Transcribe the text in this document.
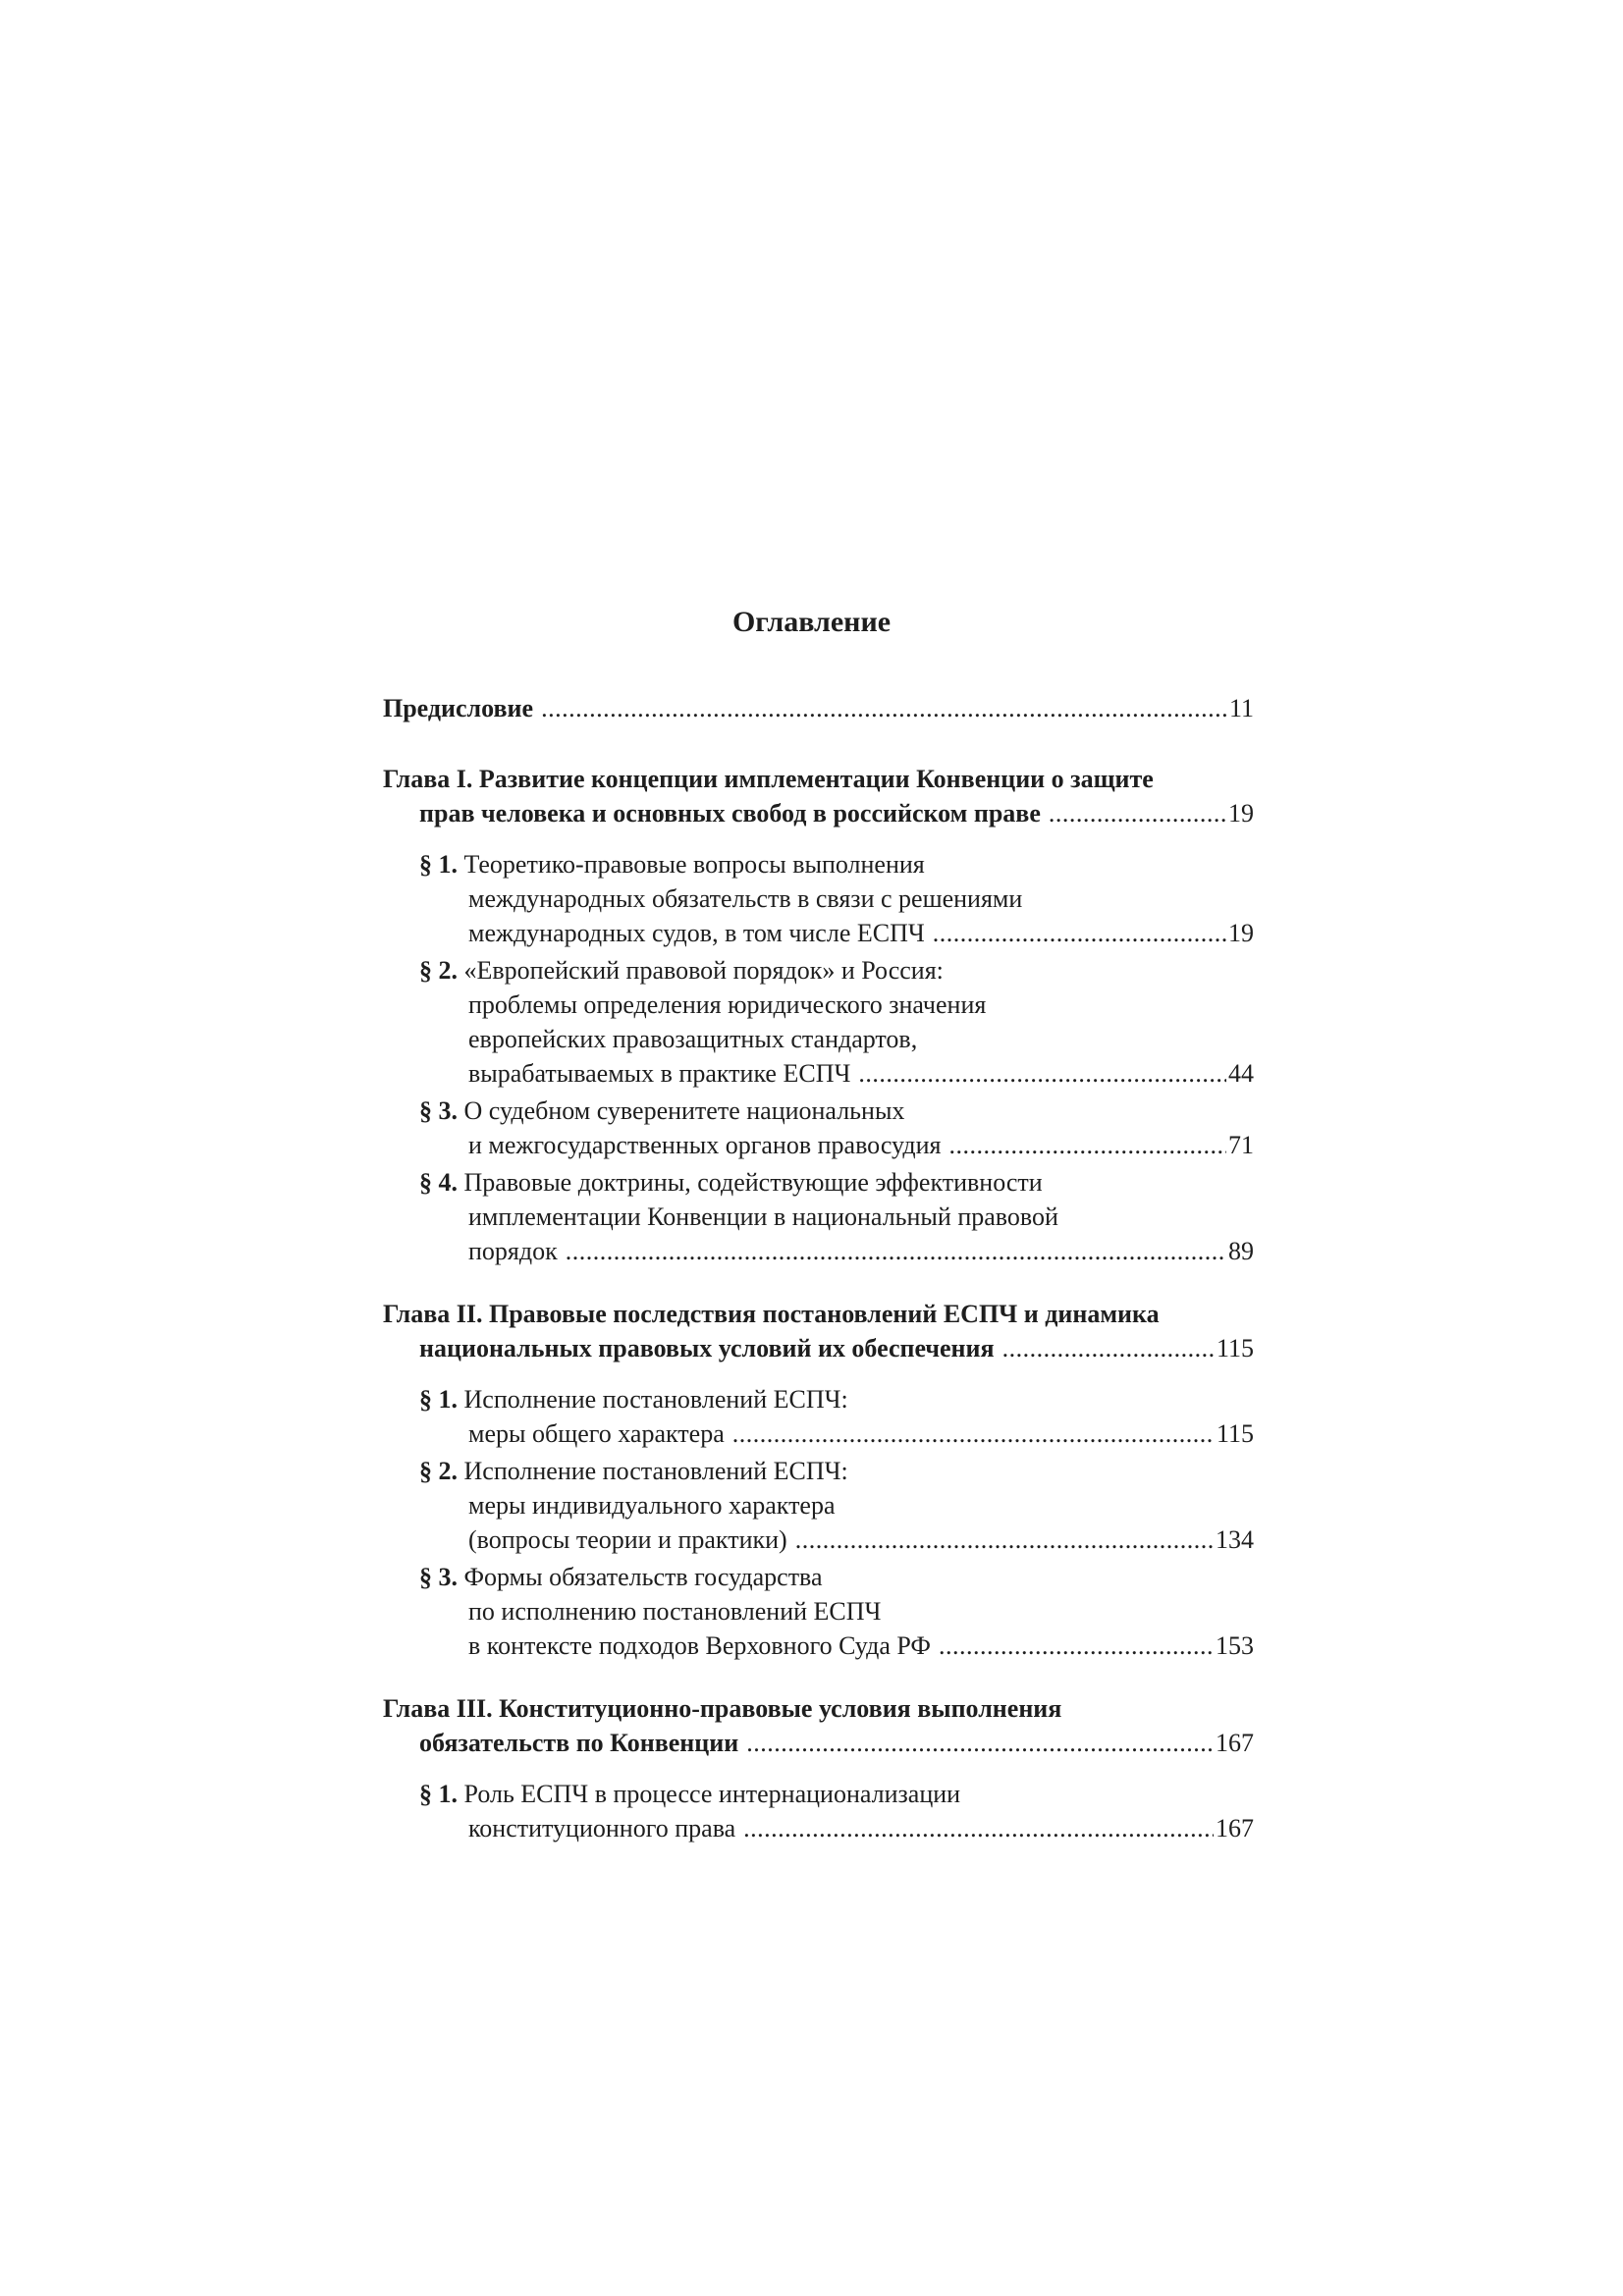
Оглавление
Предисловие .....	11
Глава I. Развитие концепции имплементации Конвенции о защите
прав человека и основных свобод в российском праве .....	19
§ 1.
Теоретико-правовые вопросы выполнения
международных обязательств в связи с решениями
международных судов, в том числе ЕСПЧ .....	19
§ 2.
«Европейский правовой порядок» и Россия:
проблемы определения юридического значения
европейских правозащитных стандартов,
вырабатываемых в практике ЕСПЧ .....	44
§ 3.
О судебном суверенитете национальных
и межгосударственных органов правосудия .....	71
§ 4.
Правовые доктрины, содействующие эффективности
имплементации Конвенции в национальный правовой
порядок .....	89
Глава II. Правовые последствия постановлений ЕСПЧ и динамика
национальных правовых условий их обеспечения .....	115
§ 1.
Исполнение постановлений ЕСПЧ:
меры общего характера .....	115
§ 2.
Исполнение постановлений ЕСПЧ:
меры индивидуального характера
(вопросы теории и практики) .....	134
§ 3.
Формы обязательств государства
по исполнению постановлений ЕСПЧ
в контексте подходов Верховного Суда РФ .....	153
Глава III. Конституционно-правовые условия выполнения
обязательств по Конвенции .....	167
§ 1.
Роль ЕСПЧ в процессе интернационализации
конституционного права .....	167
